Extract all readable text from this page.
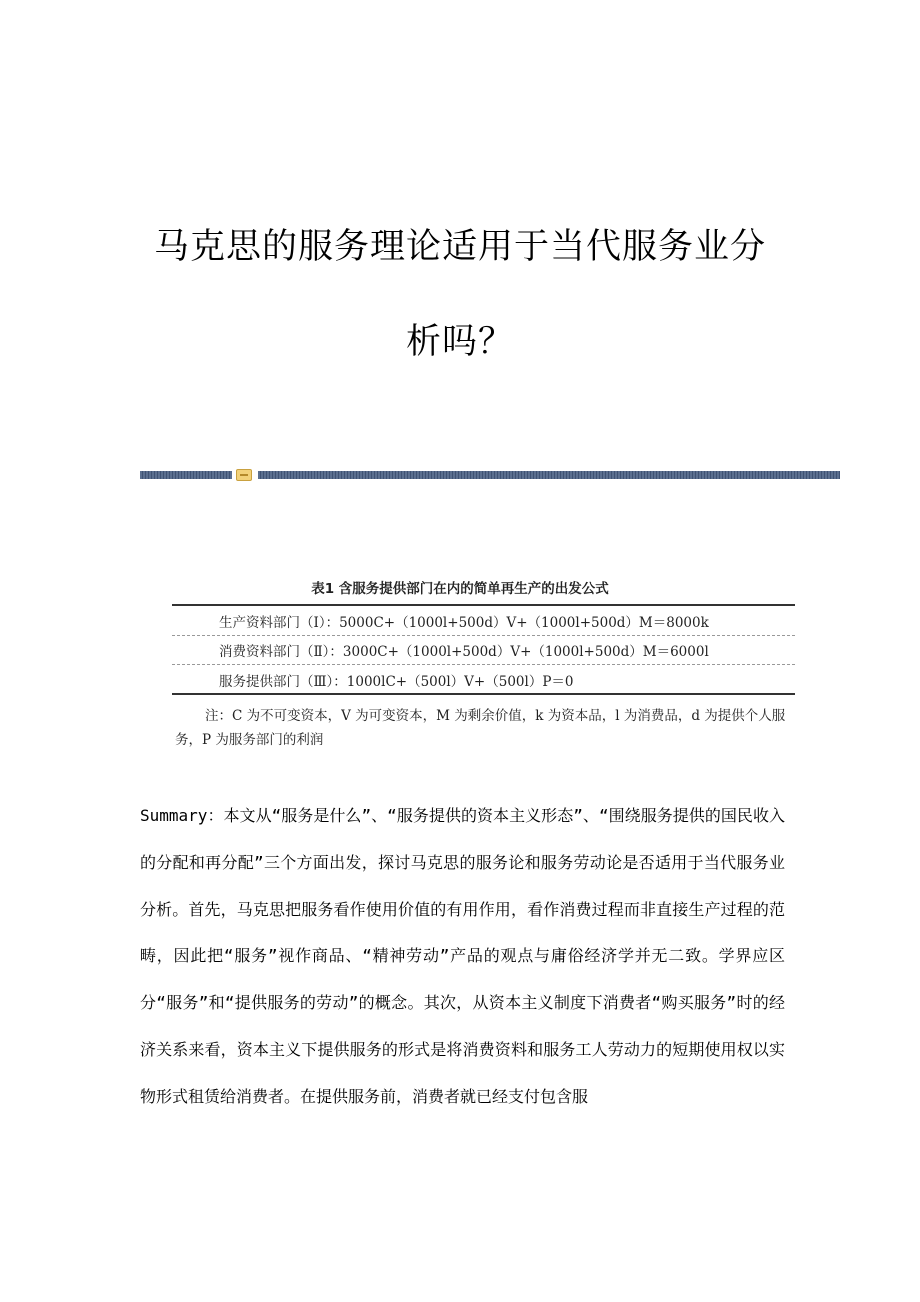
马克思的服务理论适用于当代服务业分
析吗？
表1 含服务提供部门在内的简单再生产的出发公式
生产资料部门（Ⅰ）：5000C+（1000l+500d）V+（1000l+500d）M＝8000k
消费资料部门（Ⅱ）：3000C+（1000l+500d）V+（1000l+500d）M＝6000l
服务提供部门（Ⅲ）：1000lC+（500l）V+（500l）P＝0
注：C 为不可变资本，V 为可变资本，M 为剩余价值，k 为资本品，l 为消费品，d 为提供个人服务，P 为服务部门的利润
Summary：本文从“服务是什么”、“服务提供的资本主义形态”、“围绕服务提供的国民收入的分配和再分配”三个方面出发，探讨马克思的服务论和服务劳动论是否适用于当代服务业分析。首先，马克思把服务看作使用价值的有用作用，看作消费过程而非直接生产过程的范畴，因此把“服务”视作商品、“精神劳动”产品的观点与庸俗经济学并无二致。学界应区分“服务”和“提供服务的劳动”的概念。其次，从资本主义制度下消费者“购买服务”时的经济关系来看，资本主义下提供服务的形式是将消费资料和服务工人劳动力的短期使用权以实物形式租赁给消费者。在提供服务前，消费者就已经支付包含服
